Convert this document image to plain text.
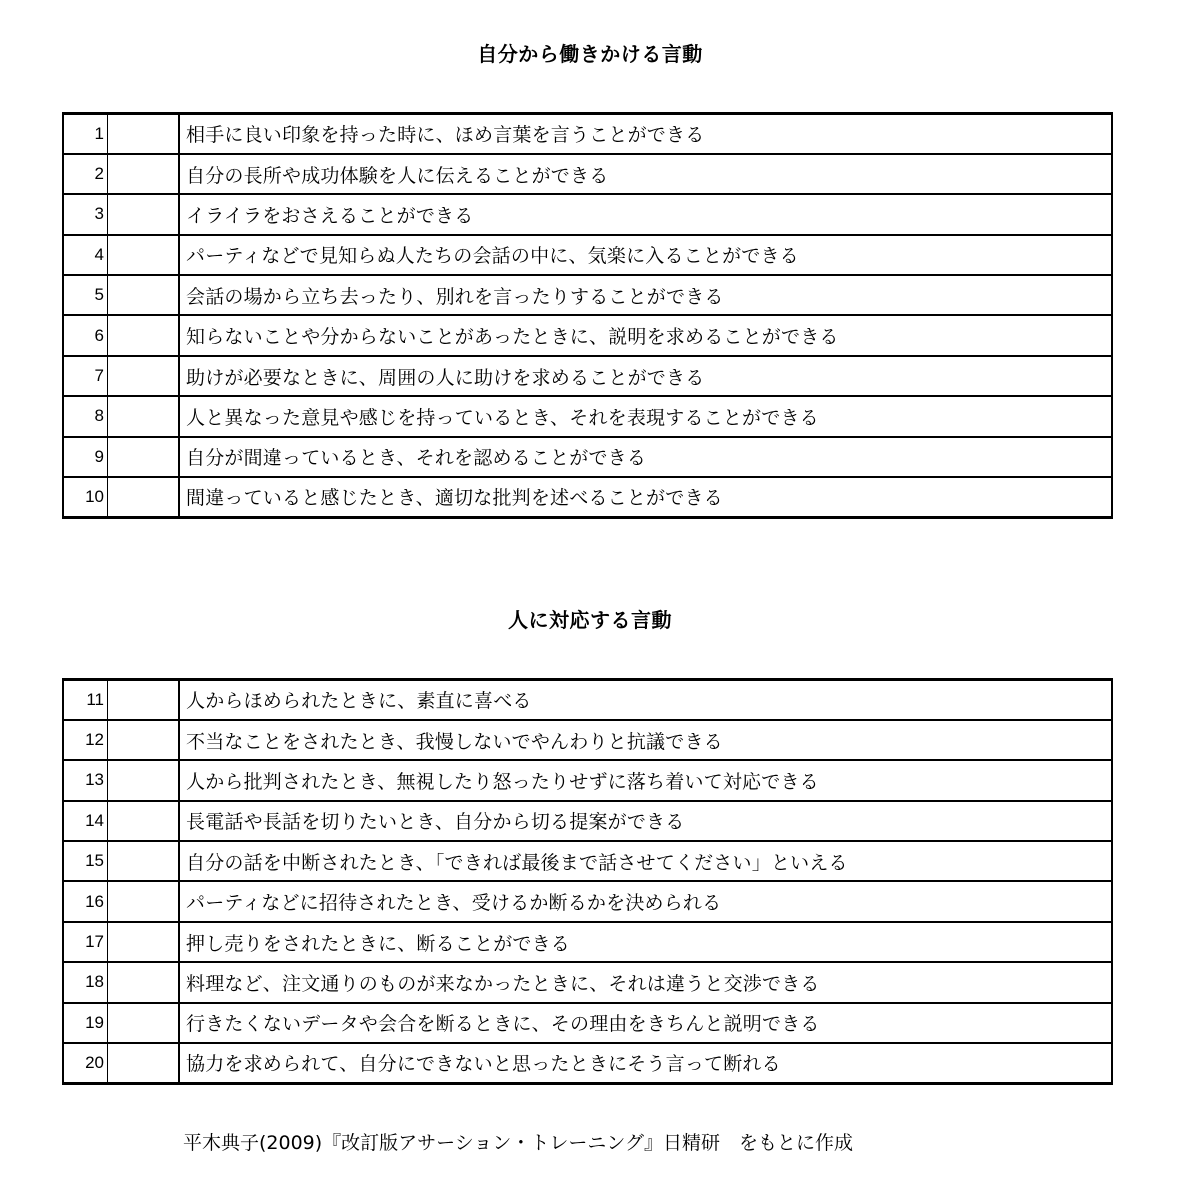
自分から働きかける言動
1		相手に良い印象を持った時に、ほめ言葉を言うことができる
2		自分の長所や成功体験を人に伝えることができる
3		イライラをおさえることができる
4		パーティなどで見知らぬ人たちの会話の中に、気楽に入ることができる
5		会話の場から立ち去ったり、別れを言ったりすることができる
6		知らないことや分からないことがあったときに、説明を求めることができる
7		助けが必要なときに、周囲の人に助けを求めることができる
8		人と異なった意見や感じを持っているとき、それを表現することができる
9		自分が間違っているとき、それを認めることができる
10		間違っていると感じたとき、適切な批判を述べることができる
人に対応する言動
11		人からほめられたときに、素直に喜べる
12		不当なことをされたとき、我慢しないでやんわりと抗議できる
13		人から批判されたとき、無視したり怒ったりせずに落ち着いて対応できる
14		長電話や長話を切りたいとき、自分から切る提案ができる
15		自分の話を中断されたとき、「できれば最後まで話させてください」といえる
16		パーティなどに招待されたとき、受けるか断るかを決められる
17		押し売りをされたときに、断ることができる
18		料理など、注文通りのものが来なかったときに、それは違うと交渉できる
19		行きたくないデータや会合を断るときに、その理由をきちんと説明できる
20		協力を求められて、自分にできないと思ったときにそう言って断れる
平木典子(2009)『改訂版アサーション・トレーニング』日精研　をもとに作成
